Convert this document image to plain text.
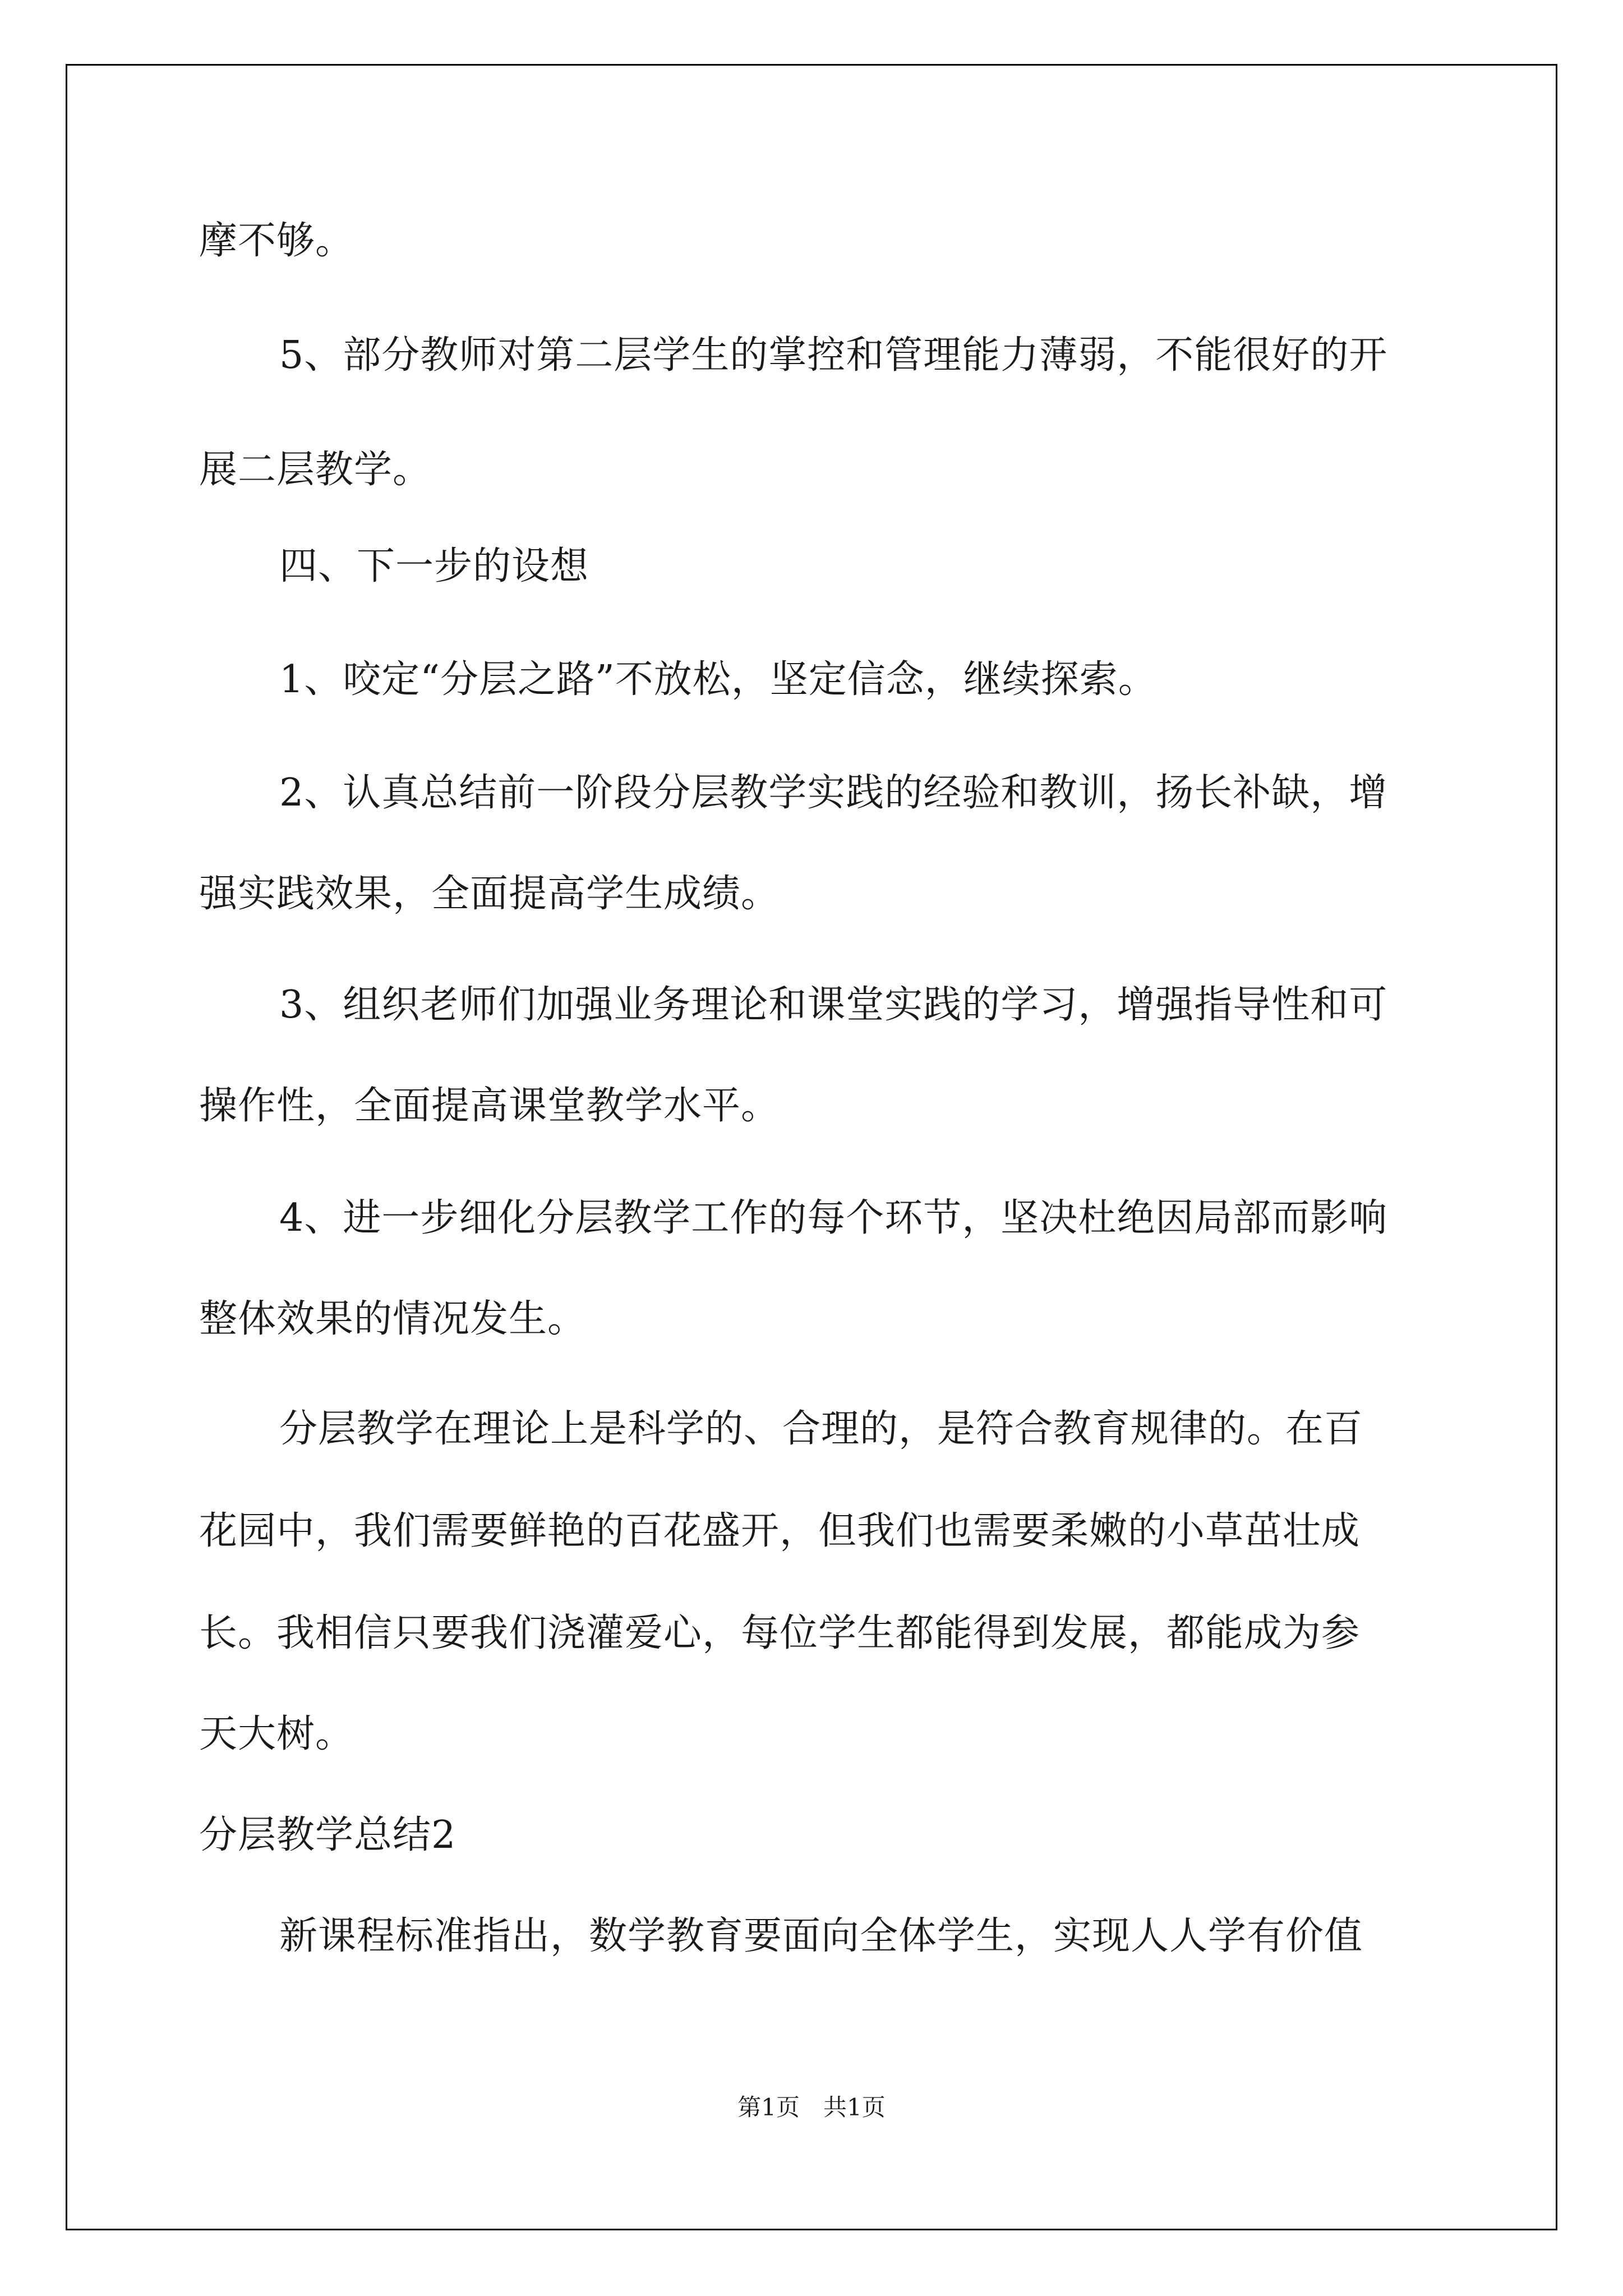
摩不够。
5、部分教师对第二层学生的掌控和管理能力薄弱，不能很好的开
展二层教学。
四、下一步的设想
1、咬定“分层之路”不放松，坚定信念，继续探索。
2、认真总结前一阶段分层教学实践的经验和教训，扬长补缺，增
强实践效果，全面提高学生成绩。
3、组织老师们加强业务理论和课堂实践的学习，增强指导性和可
操作性，全面提高课堂教学水平。
4、进一步细化分层教学工作的每个环节，坚决杜绝因局部而影响
整体效果的情况发生。
分层教学在理论上是科学的、合理的，是符合教育规律的。在百
花园中，我们需要鲜艳的百花盛开，但我们也需要柔嫩的小草茁壮成
长。我相信只要我们浇灌爱心，每位学生都能得到发展，都能成为参
天大树。
分层教学总结2
新课程标准指出，数学教育要面向全体学生，实现人人学有价值
第1页　共1页
